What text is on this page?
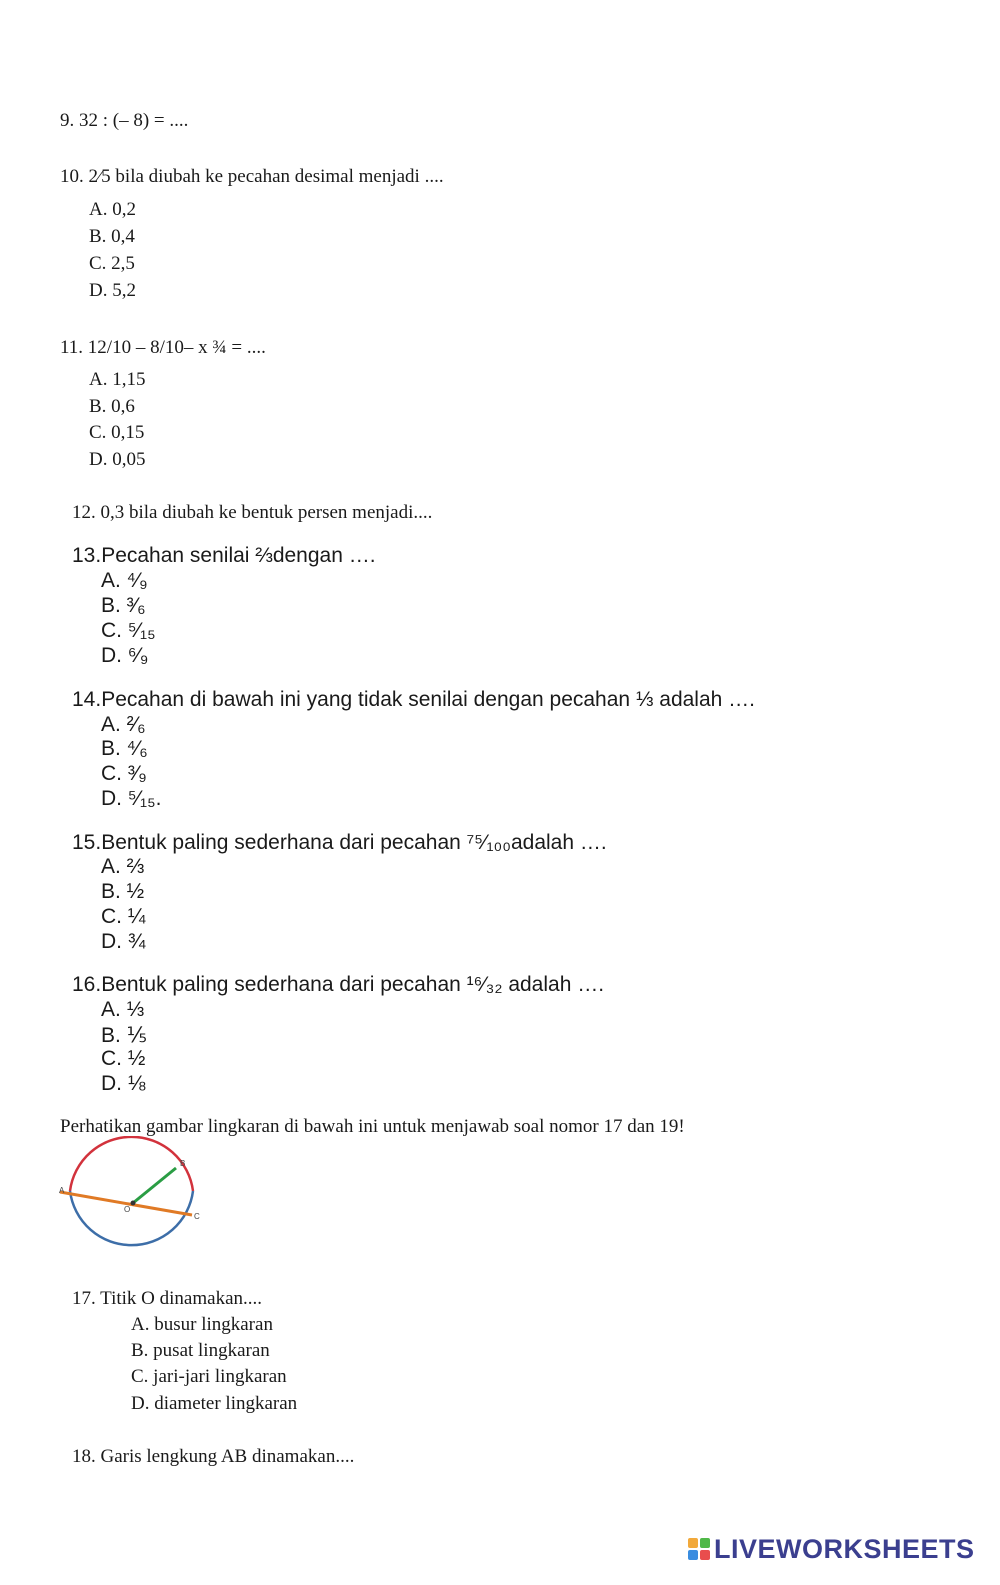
9. 32 : (– 8) = ....
10. 2⁄5 bila diubah ke pecahan desimal menjadi ....
A. 0,2
B. 0,4
C. 2,5
D. 5,2
11. 12/10 – 8/10– x ¾ = ....
A. 1,15
B. 0,6
C. 0,15
D. 0,05
12. 0,3 bila diubah ke bentuk persen menjadi....
13.Pecahan senilai ⅔dengan ….
A. ⁴⁄₉
B. ³⁄₆
C. ⁵⁄₁₅
D. ⁶⁄₉
14.Pecahan di bawah ini yang tidak senilai dengan pecahan ⅓ adalah ….
A. ²⁄₆
B. ⁴⁄₆
C. ³⁄₉
D. ⁵⁄₁₅.
15.Bentuk paling sederhana dari pecahan ⁷⁵⁄₁₀₀adalah ….
A. ⅔
B. ½
C. ¼
D. ¾
16.Bentuk paling sederhana dari pecahan ¹⁶⁄₃₂ adalah ….
A. ⅓
B. ⅕
C. ½
D. ⅛
Perhatikan gambar lingkaran di bawah ini untuk menjawab soal nomor 17 dan 19!
A
B
C
O
17. Titik O dinamakan....
A. busur lingkaran
B. pusat lingkaran
C. jari-jari lingkaran
D. diameter lingkaran
18. Garis lengkung AB dinamakan....
LIVEWORKSHEETS
